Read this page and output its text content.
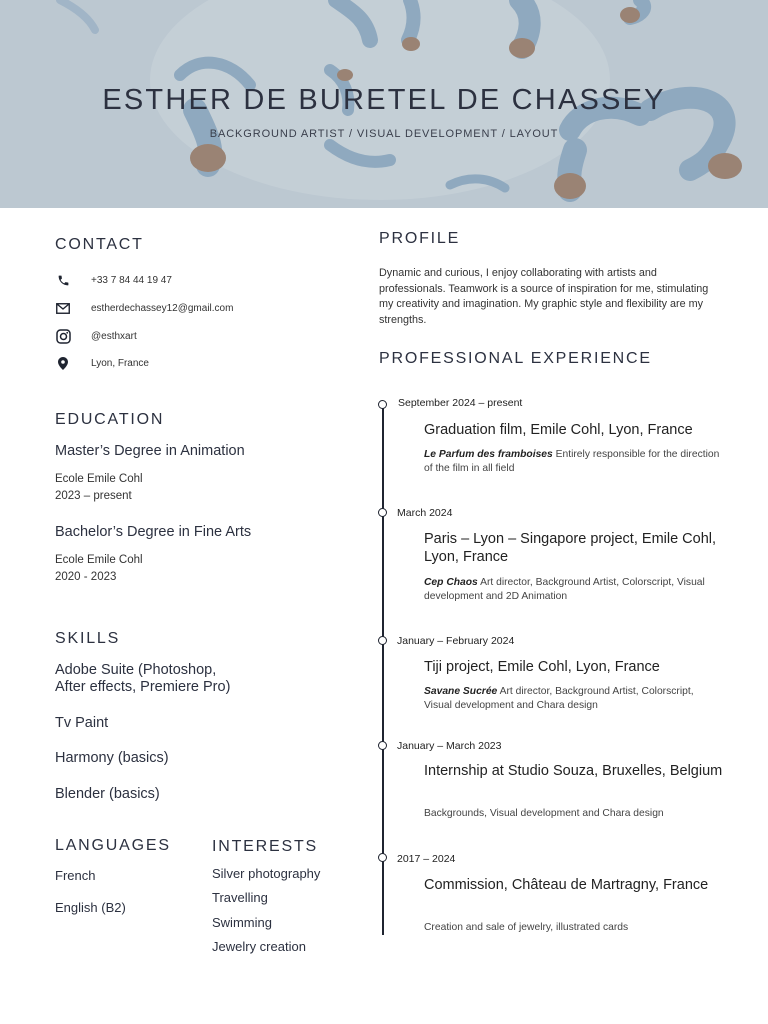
ESTHER DE BURETEL DE CHASSEY
BACKGROUND ARTIST / VISUAL DEVELOPMENT / LAYOUT
CONTACT
+33 7 84 44 19 47
estherdechassey12@gmail.com
@esthxart
Lyon, France
EDUCATION
Master’s Degree in Animation
Ecole Emile Cohl
2023 – present
Bachelor’s Degree in Fine Arts
Ecole Emile Cohl
2020 - 2023
SKILLS
Adobe Suite (Photoshop,
After effects, Premiere Pro)
Tv Paint
Harmony (basics)
Blender (basics)
LANGUAGES
French
English (B2)
INTERESTS
Silver photography
Travelling
Swimming
Jewelry creation
PROFILE
Dynamic and curious, I enjoy collaborating with artists and professionals. Teamwork is a source of inspiration for me, stimulating my creativity and imagination. My graphic style and flexibility are my strengths.
PROFESSIONAL EXPERIENCE
September 2024 – present
Graduation film, Emile Cohl, Lyon, France
Le Parfum des framboises Entirely responsible for the direction of the film in all field
March 2024
Paris – Lyon – Singapore project, Emile Cohl, Lyon, France
Cep Chaos Art director, Background Artist, Colorscript, Visual development and 2D Animation
January – February 2024
Tiji project, Emile Cohl, Lyon, France
Savane Sucrée Art director, Background Artist, Colorscript, Visual development and Chara design
January – March 2023
Internship at Studio Souza, Bruxelles, Belgium
Backgrounds, Visual development and Chara design
2017 – 2024
Commission, Château de Martragny, France
Creation and sale of jewelry, illustrated cards
